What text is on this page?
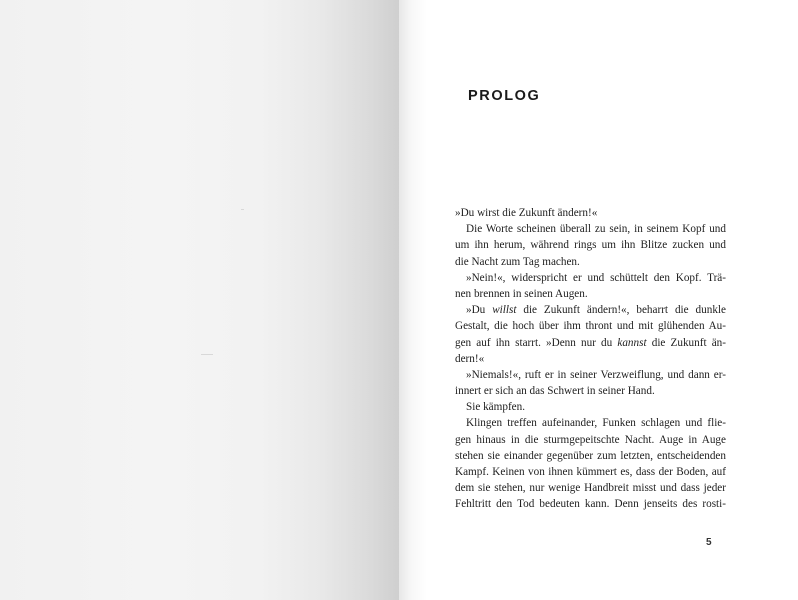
PROLOG
»Du wirst die Zukunft ändern!«
Die Worte scheinen überall zu sein, in seinem Kopf und
um ihn herum, während rings um ihn Blitze zucken und
die Nacht zum Tag machen.
»Nein!«, widerspricht er und schüttelt den Kopf. Trä-
nen brennen in seinen Augen.
»Du willst die Zukunft ändern!«, beharrt die dunkle
Gestalt, die hoch über ihm thront und mit glühenden Au-
gen auf ihn starrt. »Denn nur du kannst die Zukunft än-
dern!«
»Niemals!«, ruft er in seiner Verzweiflung, und dann er-
innert er sich an das Schwert in seiner Hand.
Sie kämpfen.
Klingen treffen aufeinander, Funken schlagen und flie-
gen hinaus in die sturmgepeitschte Nacht. Auge in Auge
stehen sie einander gegenüber zum letzten, entscheidenden
Kampf. Keinen von ihnen kümmert es, dass der Boden, auf
dem sie stehen, nur wenige Handbreit misst und dass jeder
Fehltritt den Tod bedeuten kann. Denn jenseits des rosti-
5
